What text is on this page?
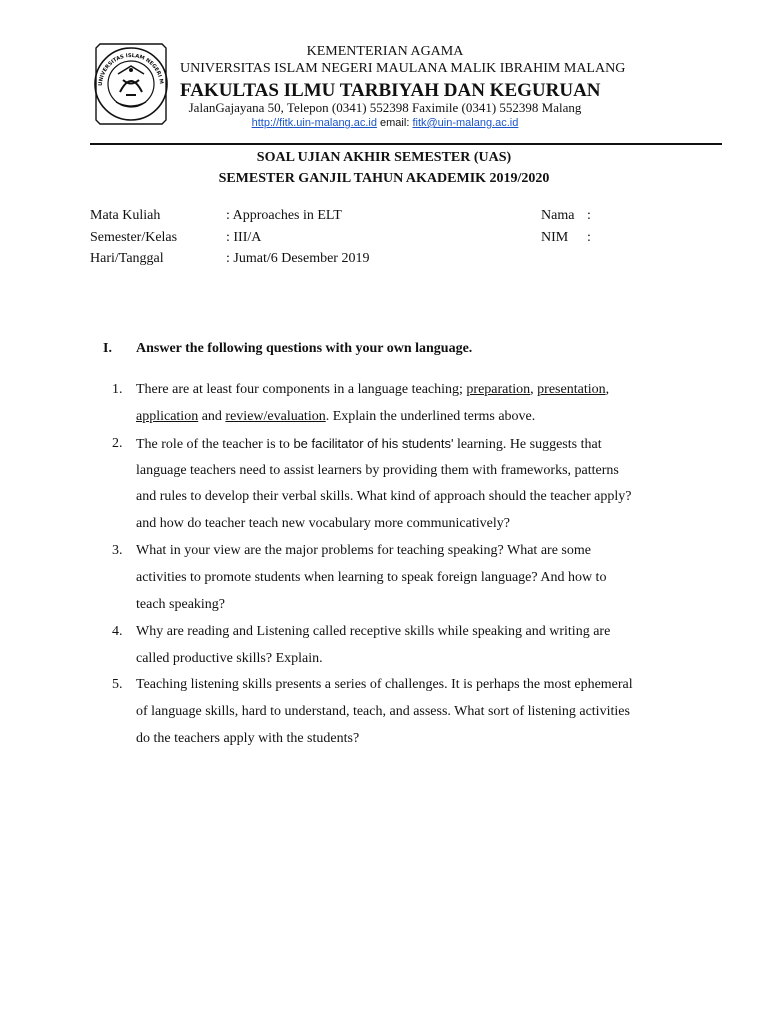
UNIVERSITAS ISLAM NEGERI M
KEMENTERIAN AGAMA
UNIVERSITAS ISLAM NEGERI MAULANA MALIK IBRAHIM MALANG
FAKULTAS ILMU TARBIYAH DAN KEGURUAN
JalanGajayana 50, Telepon (0341) 552398 Faximile (0341) 552398 Malang
http://fitk.uin-malang.ac.id email: fitk@uin-malang.ac.id
SOAL UJIAN AKHIR SEMESTER (UAS)
SEMESTER GANJIL TAHUN AKADEMIK 2019/2020
Mata Kuliah	: Approaches in ELT
Semester/Kelas	: III/A
Hari/Tanggal	: Jumat/6 Desember 2019
Nama :
NIM :
I. Answer the following questions with your own language.
1. There are at least four components in a language teaching; preparation, presentation,
application and review/evaluation. Explain the underlined terms above.
2. The role of the teacher is to be facilitator of his students' learning. He suggests that
language teachers need to assist learners by providing them with frameworks, patterns
and rules to develop their verbal skills. What kind of approach should the teacher apply?
and how do teacher teach new vocabulary more communicatively?
3. What in your view are the major problems for teaching speaking? What are some
activities to promote students when learning to speak foreign language? And how to
teach speaking?
4. Why are reading and Listening called receptive skills while speaking and writing are
called productive skills? Explain.
5. Teaching listening skills presents a series of challenges. It is perhaps the most ephemeral
of language skills, hard to understand, teach, and assess. What sort of listening activities
do the teachers apply with the students?
